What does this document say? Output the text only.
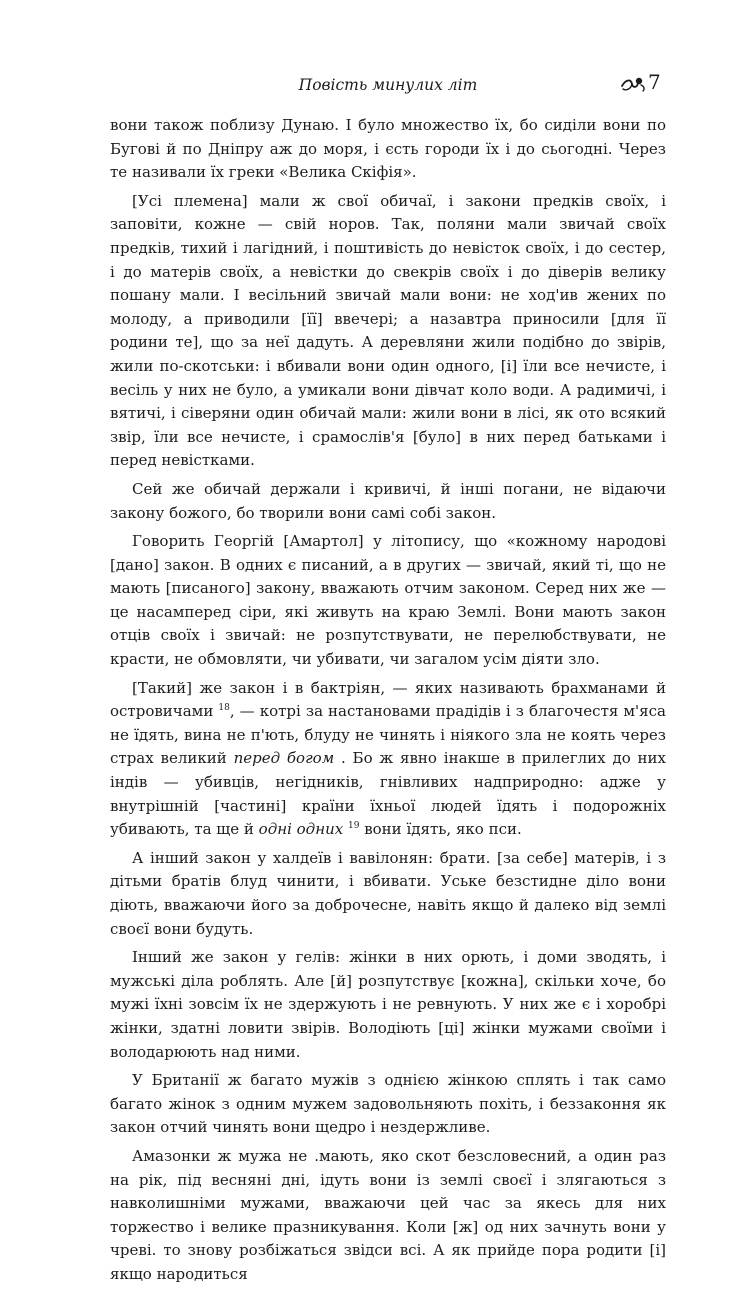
Повість минулих літ	7

вони також поблизу Дунаю. І було множество їх, бо сиділи вони по Бугові й по Дніпру аж до моря, і єсть городи їх і до сьогодні. Через те називали їх греки «Велика Скіфія».

[Усі племена] мали ж свої обичаї, і закони предків своїх, і заповіти, кожне — свій норов. Так, поляни мали звичай своїх предків, тихий і лагідний, і поштивість до невісток своїх, і до сестер, і до матерів своїх, а невістки до свекрів своїх і до діверів велику пошану мали. І весільний звичай мали вони: не ход'ив жених по молоду, а приводили [її] ввечері; а назавтра приносили [для її родини те], що за неї дадуть. А деревляни жили подібно до звірів, жили по-скотськи: і вбивали вони один одного, [і] їли все нечисте, і весіль у них не було, а умикали вони дівчат коло води. А радимичі, і вятичі, і сіверяни один обичай мали: жили вони в лісі, як ото всякий звір, їли все нечисте, і срамослів'я [було] в них перед батьками і перед невістками.

Сей же обичай держали і кривичі, й інші погани, не відаючи закону божого, бо творили вони самі собі закон.

Говорить Георгій [Амартол] у літопису, що «кожному народові [дано] закон. В одних є писаний, а в других — звичай, який ті, що не мають [писаного] закону, вважають отчим законом. Серед них же — це насамперед сіри, які живуть на краю Землі. Вони мають закон отців своїх і звичай: не розпутствувати, не перелюбствувати, не красти, не обмовляти, чи убивати, чи загалом усім діяти зло.

[Такий] же закон і в бактріян, — яких називають брахманами й островичами $^{18}$, — котрі за настановами прадідів і з благочестя м'яса не їдять, вина не п'ють, блуду не чинять і ніякого зла не коять через страх великий перед богом . Бо ж явно інакше в прилеглих до них індів — убивців, негідників, гнівливих надприродно: адже у внутрішній [частині] країни їхньої людей їдять і подорожніх убивають, та ще й одні одних $^{19}$ вони їдять, яко пси.

А інший закон у халдеїв і вавілонян: брати. [за себе] матерів, і з дітьми братів блуд чинити, і вбивати. Уське безстидне діло вони діють, вважаючи його за доброчесне, навіть якщо й далеко від землі своєї вони будуть.

Інший же закон у гелів: жінки в них орють, і доми зводять, і мужські діла роблять. Але [й] розпутствує [кожна], скільки хоче, бо мужі їхні зовсім їх не здержують і не ревнують. У них же є і хоробрі жінки, здатні ловити звірів. Володіють [ці] жінки мужами своїми і володарюють над ними.

У Британії ж багато мужів з однією жінкою сплять і так само багато жінок з одним мужем задовольняють похіть, і беззаконня як закон отчий чинять вони щедро і нездержливе.

Амазонки ж мужа не .мають, яко скот безсловесний, а один раз на рік, під весняні дні, ідуть вони із землі своєї і злягаються з навколишніми мужами, вважаючи цей час за якесь для них торжество і велике празникування. Коли [ж] од них зачнуть вони у чреві. то знову розбіжаться звідси всі. А як прийде пора родити [і] якщо народиться
